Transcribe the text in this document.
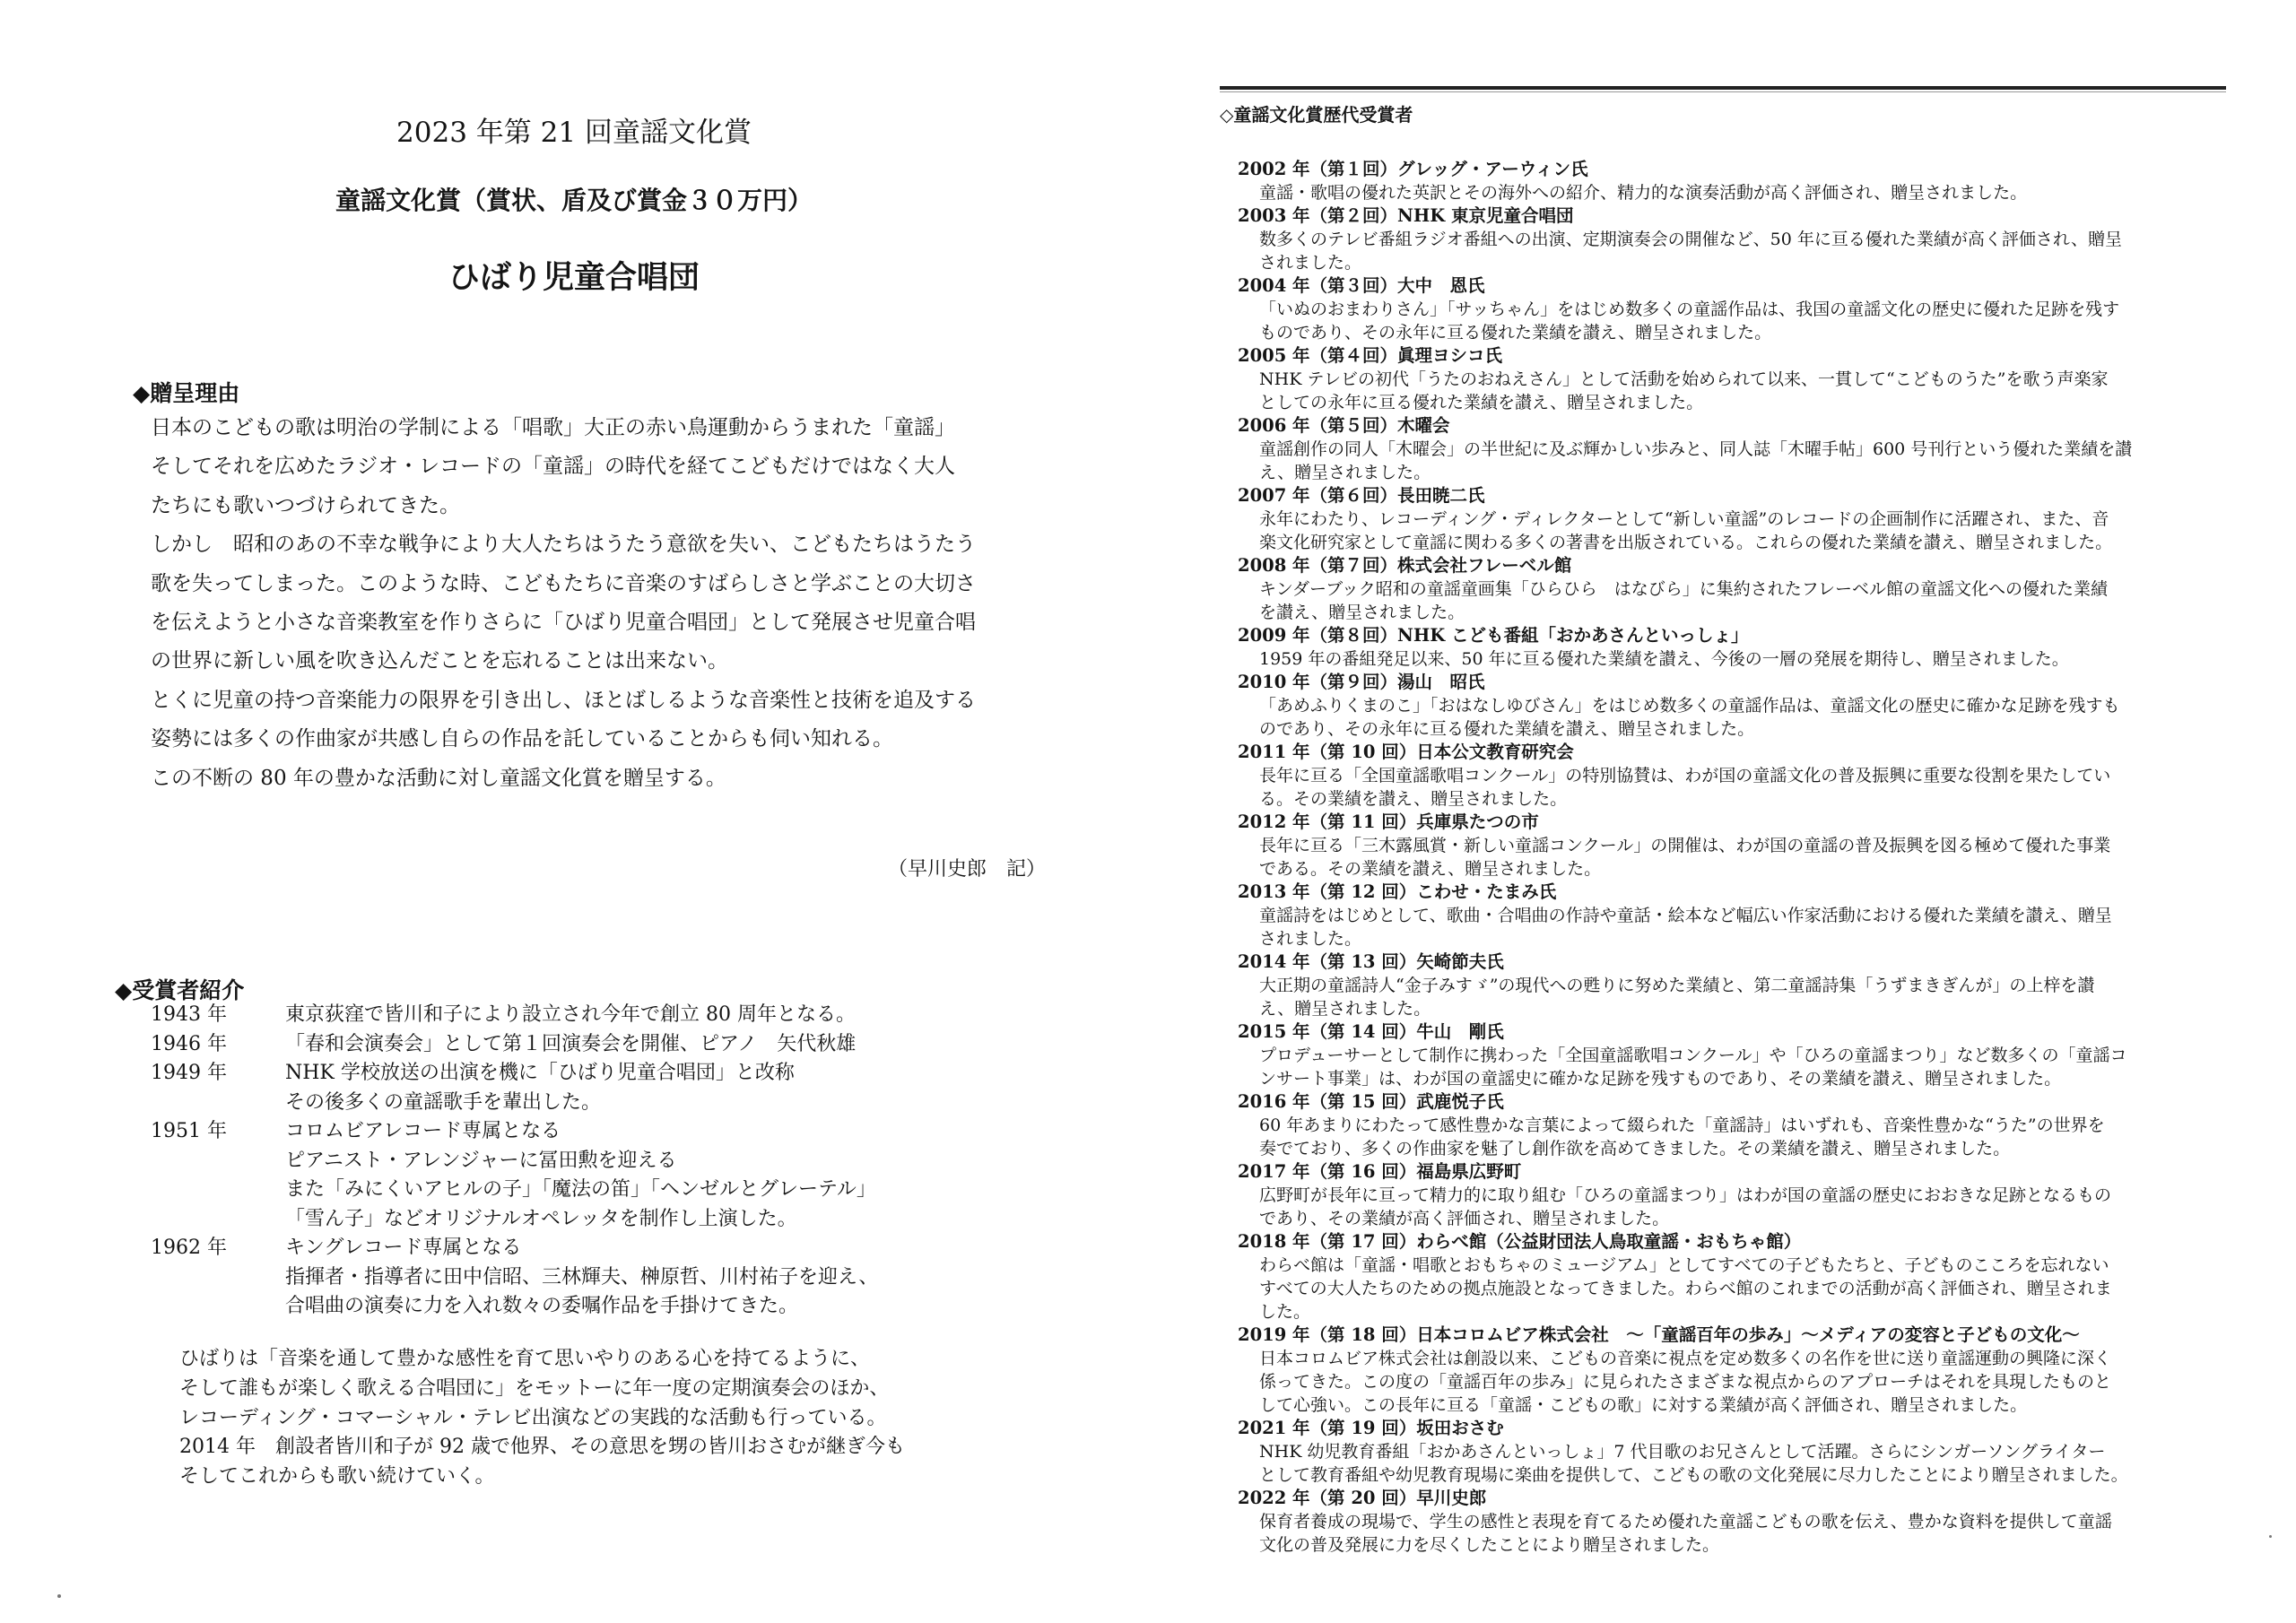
2023 年第 21 回童謡文化賞
童謡文化賞（賞状、盾及び賞金３０万円）
ひばり児童合唱団
◆贈呈理由
日本のこどもの歌は明治の学制による「唱歌」大正の赤い鳥運動からうまれた「童謡」
そしてそれを広めたラジオ・レコードの「童謡」の時代を経てこどもだけではなく大人
たちにも歌いつづけられてきた。
しかし　昭和のあの不幸な戦争により大人たちはうたう意欲を失い、こどもたちはうたう
歌を失ってしまった。このような時、こどもたちに音楽のすばらしさと学ぶことの大切さ
を伝えようと小さな音楽教室を作りさらに「ひばり児童合唱団」として発展させ児童合唱
の世界に新しい風を吹き込んだことを忘れることは出来ない。
とくに児童の持つ音楽能力の限界を引き出し、ほとばしるような音楽性と技術を追及する
姿勢には多くの作曲家が共感し自らの作品を託していることからも伺い知れる。
この不断の 80 年の豊かな活動に対し童謡文化賞を贈呈する。
（早川史郎　記）
◆受賞者紹介
1943 年	東京荻窪で皆川和子により設立され今年で創立 80 周年となる。
1946 年	「春和会演奏会」として第１回演奏会を開催、ピアノ　矢代秋雄
1949 年	NHK 学校放送の出演を機に「ひばり児童合唱団」と改称
その後多くの童謡歌手を輩出した。
1951 年	コロムビアレコード専属となる
ピアニスト・アレンジャーに冨田勲を迎える
また「みにくいアヒルの子」「魔法の笛」「ヘンゼルとグレーテル」
「雪ん子」などオリジナルオペレッタを制作し上演した。
1962 年	キングレコード専属となる
指揮者・指導者に田中信昭、三林輝夫、榊原哲、川村祐子を迎え、
合唱曲の演奏に力を入れ数々の委嘱作品を手掛けてきた。
ひばりは「音楽を通して豊かな感性を育て思いやりのある心を持てるように、
そして誰もが楽しく歌える合唱団に」をモットーに年一度の定期演奏会のほか、
レコーディング・コマーシャル・テレビ出演などの実践的な活動も行っている。
2014 年　創設者皆川和子が 92 歳で他界、その意思を甥の皆川おさむが継ぎ今も
そしてこれからも歌い続けていく。
◇童謡文化賞歴代受賞者
2002 年（第１回）グレッグ・アーウィン氏
童謡・歌唱の優れた英訳とその海外への紹介、精力的な演奏活動が高く評価され、贈呈されました。
2003 年（第２回）NHK 東京児童合唱団
数多くのテレビ番組ラジオ番組への出演、定期演奏会の開催など、50 年に亘る優れた業績が高く評価され、贈呈
されました。
2004 年（第３回）大中　恩氏
「いぬのおまわりさん」「サッちゃん」をはじめ数多くの童謡作品は、我国の童謡文化の歴史に優れた足跡を残す
ものであり、その永年に亘る優れた業績を讃え、贈呈されました。
2005 年（第４回）眞理ヨシコ氏
NHK テレビの初代「うたのおねえさん」として活動を始められて以来、一貫して“こどものうた”を歌う声楽家
としての永年に亘る優れた業績を讃え、贈呈されました。
2006 年（第５回）木曜会
童謡創作の同人「木曜会」の半世紀に及ぶ輝かしい歩みと、同人誌「木曜手帖」600 号刊行という優れた業績を讃
え、贈呈されました。
2007 年（第６回）長田暁二氏
永年にわたり、レコーディング・ディレクターとして“新しい童謡”のレコードの企画制作に活躍され、また、音
楽文化研究家として童謡に関わる多くの著書を出版されている。これらの優れた業績を讃え、贈呈されました。
2008 年（第７回）株式会社フレーベル館
キンダーブック昭和の童謡童画集「ひらひら　はなびら」に集約されたフレーベル館の童謡文化への優れた業績
を讃え、贈呈されました。
2009 年（第８回）NHK こども番組「おかあさんといっしょ」
1959 年の番組発足以来、50 年に亘る優れた業績を讃え、今後の一層の発展を期待し、贈呈されました。
2010 年（第９回）湯山　昭氏
「あめふりくまのこ」「おはなしゆびさん」をはじめ数多くの童謡作品は、童謡文化の歴史に確かな足跡を残すも
のであり、その永年に亘る優れた業績を讃え、贈呈されました。
2011 年（第 10 回）日本公文教育研究会
長年に亘る「全国童謡歌唱コンクール」の特別協賛は、わが国の童謡文化の普及振興に重要な役割を果たしてい
る。その業績を讃え、贈呈されました。
2012 年（第 11 回）兵庫県たつの市
長年に亘る「三木露風賞・新しい童謡コンクール」の開催は、わが国の童謡の普及振興を図る極めて優れた事業
である。その業績を讃え、贈呈されました。
2013 年（第 12 回）こわせ・たまみ氏
童謡詩をはじめとして、歌曲・合唱曲の作詩や童話・絵本など幅広い作家活動における優れた業績を讃え、贈呈
されました。
2014 年（第 13 回）矢崎節夫氏
大正期の童謡詩人“金子みすゞ”の現代への甦りに努めた業績と、第二童謡詩集「うずまきぎんが」の上梓を讃
え、贈呈されました。
2015 年（第 14 回）牛山　剛氏
プロデューサーとして制作に携わった「全国童謡歌唱コンクール」や「ひろの童謡まつり」など数多くの「童謡コ
ンサート事業」は、わが国の童謡史に確かな足跡を残すものであり、その業績を讃え、贈呈されました。
2016 年（第 15 回）武鹿悦子氏
60 年あまりにわたって感性豊かな言葉によって綴られた「童謡詩」はいずれも、音楽性豊かな“うた”の世界を
奏でており、多くの作曲家を魅了し創作欲を高めてきました。その業績を讃え、贈呈されました。
2017 年（第 16 回）福島県広野町
広野町が長年に亘って精力的に取り組む「ひろの童謡まつり」はわが国の童謡の歴史におおきな足跡となるもの
であり、その業績が高く評価され、贈呈されました。
2018 年（第 17 回）わらべ館（公益財団法人鳥取童謡・おもちゃ館）
わらべ館は「童謡・唱歌とおもちゃのミュージアム」としてすべての子どもたちと、子どものこころを忘れない
すべての大人たちのための拠点施設となってきました。わらべ館のこれまでの活動が高く評価され、贈呈されま
した。
2019 年（第 18 回）日本コロムビア株式会社　～「童謡百年の歩み」～メディアの変容と子どもの文化～
日本コロムビア株式会社は創設以来、こどもの音楽に視点を定め数多くの名作を世に送り童謡運動の興隆に深く
係ってきた。この度の「童謡百年の歩み」に見られたさまざまな視点からのアプローチはそれを具現したものと
して心強い。この長年に亘る「童謡・こどもの歌」に対する業績が高く評価され、贈呈されました。
2021 年（第 19 回）坂田おさむ
NHK 幼児教育番組「おかあさんといっしょ」7 代目歌のお兄さんとして活躍。さらにシンガーソングライター
として教育番組や幼児教育現場に楽曲を提供して、こどもの歌の文化発展に尽力したことにより贈呈されました。
2022 年（第 20 回）早川史郎
保育者養成の現場で、学生の感性と表現を育てるため優れた童謡こどもの歌を伝え、豊かな資料を提供して童謡
文化の普及発展に力を尽くしたことにより贈呈されました。
